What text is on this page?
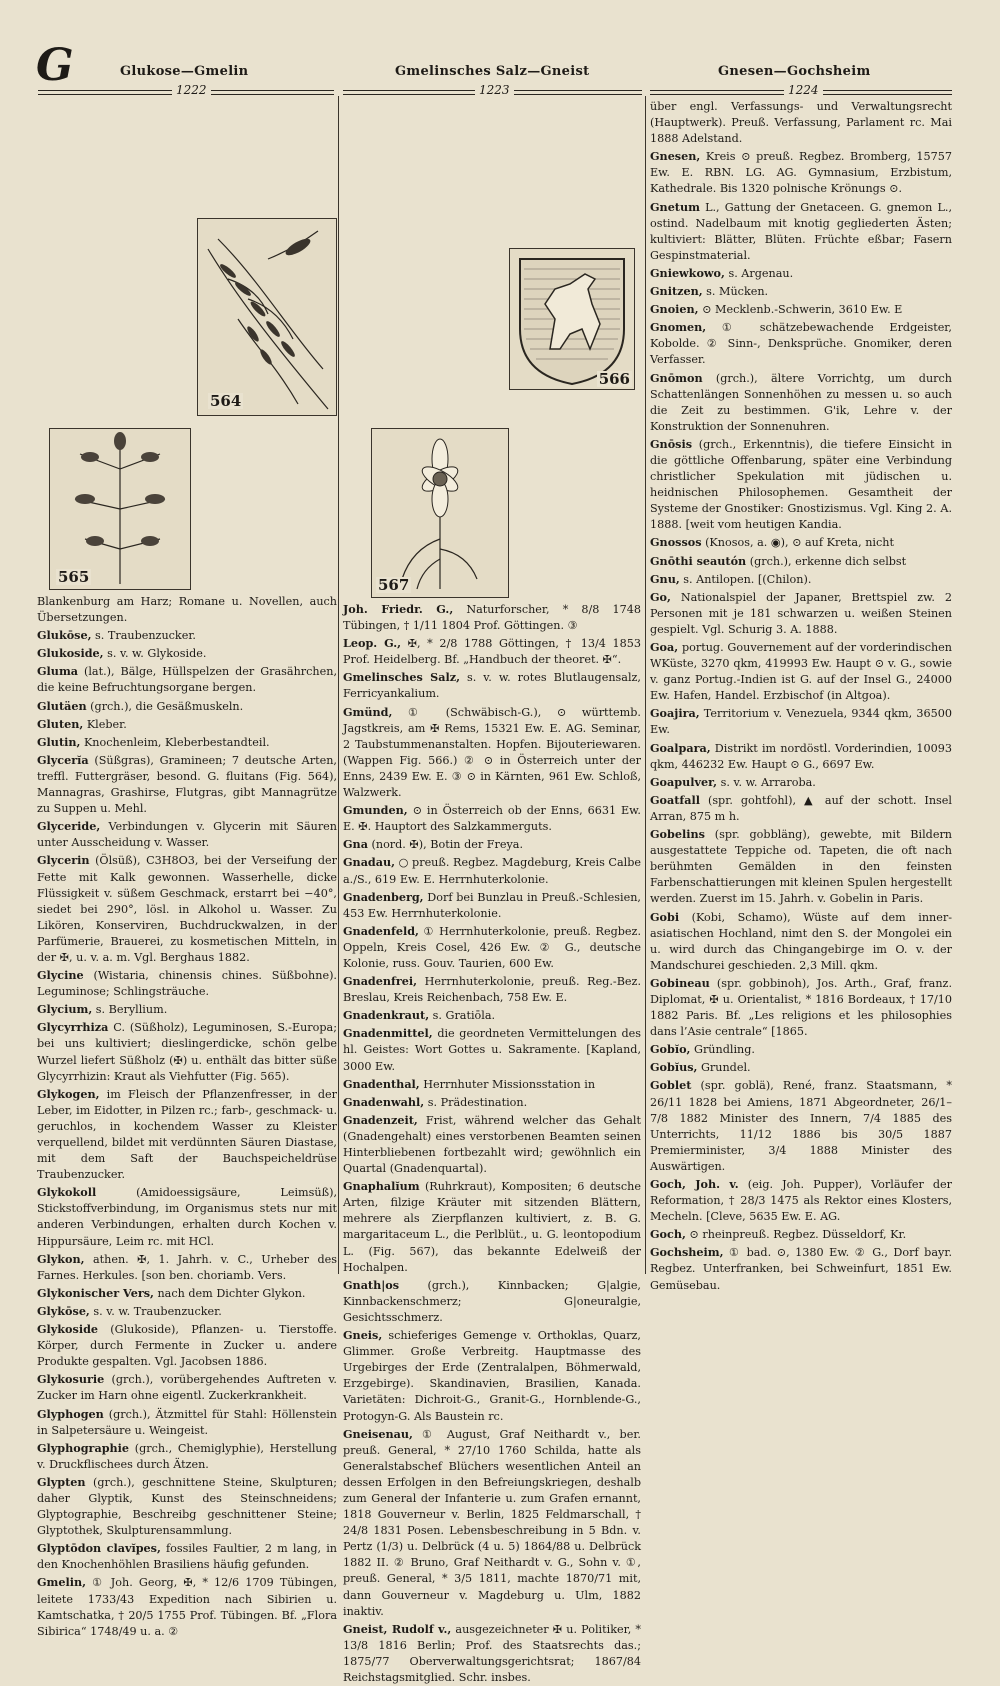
G	Glukose—Gmelin	Gmelinsches Salz—Gneist	Gnesen—Gochsheim
1222	1223	1224
564
565
Blankenburg am Harz; Romane u. Novellen, auch Übersetzungen.
Glukōse, s. Traubenzucker.
Glukoside, s. v. w. Glykoside.
Gluma (lat.), Bälge, Hüllspelzen der Grasährchen, die keine Befruchtungsorgane bergen.
Glutäen (grch.), die Gesäßmuskeln.
Gluten, Kleber.
Glutin, Knochenleim, Kleberbestandteil.
Glycerĭa (Süßgras), Gramineen; 7 deutsche Arten, treffl. Futtergräser, besond. G. fluitans (Fig. 564), Mannagras, Grashirse, Flutgras, gibt Mannagrütze zu Suppen u. Mehl.
Glyceride, Verbindungen v. Glycerin mit Säuren unter Ausscheidung v. Wasser.
Glycerin (Ölsüß), C3H8O3, bei der Verseifung der Fette mit Kalk gewonnen. Wasserhelle, dicke Flüssigkeit v. süßem Geschmack, erstarrt bei −40°, siedet bei 290°, lösl. in Alkohol u. Wasser. Zu Likören, Konserviren, Buchdruckwalzen, in der Parfümerie, Brauerei, zu kosmetischen Mitteln, in der ✠, u. v. a. m. Vgl. Berghaus 1882.
Glycine (Wistaria, chinensis chines. Süßbohne). Leguminose; Schlingsträuche.
Glycium, s. Beryllium.
Glycyrrhiza C. (Süßholz), Leguminosen, S.-Europa; bei uns kultiviert; dieslingerdicke, schön gelbe Wurzel liefert Süßholz (✠) u. enthält das bitter süße Glycyrrhizin: Kraut als Viehfutter (Fig. 565).
Glykogen, im Fleisch der Pflanzenfresser, in der Leber, im Eidotter, in Pilzen rc.; farb-, geschmack- u. geruchlos, in kochendem Wasser zu Kleister verquellend, bildet mit verdünnten Säuren Diastase, mit dem Saft der Bauchspeicheldrüse Traubenzucker.
Glykokoll (Amidoessigsäure, Leimsüß), Stickstoffverbindung, im Organismus stets nur mit anderen Verbindungen, erhalten durch Kochen v. Hippursäure, Leim rc. mit HCl.
Glykon, athen. ✠, 1. Jahrh. v. C., Urheber des Farnes. Herkules. [son ben. choriamb. Vers.
Glykonischer Vers, nach dem Dichter Glykon.
Glykōse, s. v. w. Traubenzucker.
Glykoside (Glukoside), Pflanzen- u. Tierstoffe. Körper, durch Fermente in Zucker u. andere Produkte gespalten. Vgl. Jacobsen 1886.
Glykosurie (grch.), vorübergehendes Auftreten v. Zucker im Harn ohne eigentl. Zuckerkrankheit.
Glyphogen (grch.), Ätzmittel für Stahl: Höllenstein in Salpetersäure u. Weingeist.
Glyphographie (grch., Chemiglyphie), Herstellung v. Druckflischees durch Ätzen.
Glypten (grch.), geschnittene Steine, Skulpturen; daher Glyptik, Kunst des Steinschneidens; Glyptographie, Beschreibg geschnittener Steine; Glyptothek, Skulpturensammlung.
Glyptōdon clavĭpes, fossiles Faultier, 2 m lang, in den Knochenhöhlen Brasiliens häufig gefunden.
Gmelin, ① Joh. Georg, ✠, * 12/6 1709 Tübingen, leitete 1733/43 Expedition nach Sibirien u. Kamtschatka, † 20/5 1755 Prof. Tübingen. Bf. „Flora Sibirica“ 1748/49 u. a. ②
566
567
Joh. Friedr. G., Naturforscher, * 8/8 1748 Tübingen, † 1/11 1804 Prof. Göttingen. ③
Leop. G., ✠, * 2/8 1788 Göttingen, † 13/4 1853 Prof. Heidelberg. Bf. „Handbuch der theoret. ✠“.
Gmelinsches Salz, s. v. w. rotes Blutlaugensalz, Ferricyankalium.
Gmünd, ① (Schwäbisch-G.), ⊙ württemb. Jagstkreis, am ✠ Rems, 15321 Ew. E. AG. Seminar, 2 Taubstummenanstalten. Hopfen. Bijouteriewaren. (Wappen Fig. 566.) ② ⊙ in Österreich unter der Enns, 2439 Ew. E. ③ ⊙ in Kärnten, 961 Ew. Schloß, Walzwerk.
Gmunden, ⊙ in Österreich ob der Enns, 6631 Ew. E. ✠. Hauptort des Salzkammerguts.
Gna (nord. ✠), Botin der Freya.
Gnadau, ○ preuß. Regbez. Magdeburg, Kreis Calbe a./S., 619 Ew. E. Herrnhuterkolonie.
Gnadenberg, Dorf bei Bunzlau in Preuß.-Schlesien, 453 Ew. Herrnhuterkolonie.
Gnadenfeld, ① Herrnhuterkolonie, preuß. Regbez. Oppeln, Kreis Cosel, 426 Ew. ② G., deutsche Kolonie, russ. Gouv. Taurien, 600 Ew.
Gnadenfrei, Herrnhuterkolonie, preuß. Reg.-Bez. Breslau, Kreis Reichenbach, 758 Ew. E.
Gnadenkraut, s. Gratiōla.
Gnadenmittel, die geordneten Vermittelungen des hl. Geistes: Wort Gottes u. Sakramente. [Kapland, 3000 Ew.
Gnadenthal, Herrnhuter Missionsstation in
Gnadenwahl, s. Prädestination.
Gnadenzeit, Frist, während welcher das Gehalt (Gnadengehalt) eines verstorbenen Beamten seinen Hinterbliebenen fortbezahlt wird; gewöhnlich ein Quartal (Gnadenquartal).
Gnaphalĭum (Ruhrkraut), Kompositen; 6 deutsche Arten, filzige Kräuter mit sitzenden Blättern, mehrere als Zierpflanzen kultiviert, z. B. G. margaritaceum L., die Perlblüt., u. G. leontopodium L. (Fig. 567), das bekannte Edelweiß der Hochalpen.
Gnath|os (grch.), Kinnbacken; G|algie, Kinnbackenschmerz; G|oneuralgie, Gesichtsschmerz.
Gneis, schieferiges Gemenge v. Orthoklas, Quarz, Glimmer. Große Verbreitg. Hauptmasse des Urgebirges der Erde (Zentralalpen, Böhmerwald, Erzgebirge). Skandinavien, Brasilien, Kanada. Varietäten: Dichroit-G., Granit-G., Hornblende-G., Protogyn-G. Als Baustein rc.
Gneisenau, ① August, Graf Neithardt v., ber. preuß. General, * 27/10 1760 Schilda, hatte als Generalstabschef Blüchers wesentlichen Anteil an dessen Erfolgen in den Befreiungskriegen, deshalb zum General der Infanterie u. zum Grafen ernannt, 1818 Gouverneur v. Berlin, 1825 Feldmarschall, † 24/8 1831 Posen. Lebensbeschreibung in 5 Bdn. v. Pertz (1/3) u. Delbrück (4 u. 5) 1864/88 u. Delbrück 1882 II. ② Bruno, Graf Neithardt v. G., Sohn v. ①, preuß. General, * 3/5 1811, machte 1870/71 mit, dann Gouverneur v. Magdeburg u. Ulm, 1882 inaktiv.
Gneist, Rudolf v., ausgezeichneter ✠ u. Politiker, * 13/8 1816 Berlin; Prof. des Staatsrechts das.; 1875/77 Oberverwaltungsgerichtsrat; 1867/84 Reichstagsmitglied. Schr. insbes.
über engl. Verfassungs- und Verwaltungsrecht (Hauptwerk). Preuß. Verfassung, Parlament rc. Mai 1888 Adelstand.
Gnesen, Kreis ⊙ preuß. Regbez. Bromberg, 15757 Ew. E. RBN. LG. AG. Gymnasium, Erzbistum, Kathedrale. Bis 1320 polnische Krönungs ⊙.
Gnetum L., Gattung der Gnetaceen. G. gnemon L., ostind. Nadelbaum mit knotig gegliederten Ästen; kultiviert: Blätter, Blüten. Früchte eßbar; Fasern Gespinstmaterial.
Gniewkowo, s. Argenau.
Gnitzen, s. Mücken.
Gnoien, ⊙ Mecklenb.-Schwerin, 3610 Ew. E
Gnomen, ① schätzebewachende Erdgeister, Kobolde. ② Sinn-, Denksprüche. Gnomiker, deren Verfasser.
Gnōmon (grch.), ältere Vorrichtg, um durch Schattenlängen Sonnenhöhen zu messen u. so auch die Zeit zu bestimmen. G'ik, Lehre v. der Konstruktion der Sonnenuhren.
Gnōsis (grch., Erkenntnis), die tiefere Einsicht in die göttliche Offenbarung, später eine Verbindung christlicher Spekulation mit jüdischen u. heidnischen Philosophemen. Gesamtheit der Systeme der Gnostiker: Gnostizismus. Vgl. King 2. A. 1888. [weit vom heutigen Kandia.
Gnossos (Knosos, a. ◉), ⊙ auf Kreta, nicht
Gnōthi seautón (grch.), erkenne dich selbst
Gnu, s. Antilopen. [(Chilon).
Go, Nationalspiel der Japaner, Brettspiel zw. 2 Personen mit je 181 schwarzen u. weißen Steinen gespielt. Vgl. Schurig 3. A. 1888.
Goa, portug. Gouvernement auf der vorderindischen WKüste, 3270 qkm, 419993 Ew. Haupt ⊙ v. G., sowie v. ganz Portug.-Indien ist G. auf der Insel G., 24000 Ew. Hafen, Handel. Erzbischof (in Altgoa).
Goajira, Territorium v. Venezuela, 9344 qkm, 36500 Ew.
Goalpara, Distrikt im nordöstl. Vorderindien, 10093 qkm, 446232 Ew. Haupt ⊙ G., 6697 Ew.
Goapulver, s. v. w. Arraroba.
Goatfall (spr. gohtfohl), ▲ auf der schott. Insel Arran, 875 m h.
Gobelins (spr. gobbläng), gewebte, mit Bildern ausgestattete Teppiche od. Tapeten, die oft nach berühmten Gemälden in den feinsten Farbenschattierungen mit kleinen Spulen hergestellt werden. Zuerst im 15. Jahrh. v. Gobelin in Paris.
Gobi (Kobi, Schamo), Wüste auf dem inner-asiatischen Hochland, nimt den S. der Mongolei ein u. wird durch das Chingangebirge im O. v. der Mandschurei geschieden. 2,3 Mill. qkm.
Gobineau (spr. gobbinoh), Jos. Arth., Graf, franz. Diplomat, ✠ u. Orientalist, * 1816 Bordeaux, † 17/10 1882 Paris. Bf. „Les religions et les philosophies dans l’Asie centrale“ [1865.
Gobĭo, Gründling.
Gobĭus, Grundel.
Goblet (spr. goblä), René, franz. Staatsmann, * 26/11 1828 bei Amiens, 1871 Abgeordneter, 26/1–7/8 1882 Minister des Innern, 7/4 1885 des Unterrichts, 11/12 1886 bis 30/5 1887 Premierminister, 3/4 1888 Minister des Auswärtigen.
Goch, Joh. v. (eig. Joh. Pupper), Vorläufer der Reformation, † 28/3 1475 als Rektor eines Klosters, Mecheln. [Cleve, 5635 Ew. E. AG.
Goch, ⊙ rheinpreuß. Regbez. Düsseldorf, Kr.
Gochsheim, ① bad. ⊙, 1380 Ew. ② G., Dorf bayr. Regbez. Unterfranken, bei Schweinfurt, 1851 Ew. Gemüsebau.
